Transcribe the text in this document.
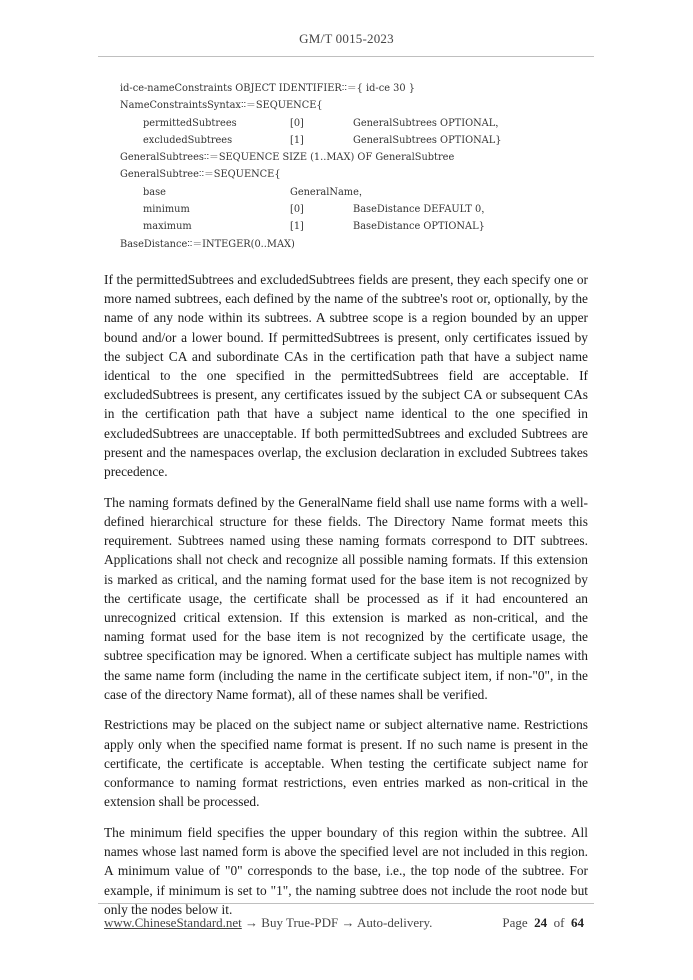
GM/T 0015-2023
id-ce-nameConstraints OBJECT IDENTIFIER∶∶＝{ id-ce 30 }
NameConstraintsSyntax∶∶＝SEQUENCE{
permittedSubtrees	[0]	GeneralSubtrees OPTIONAL，
excludedSubtrees	[1]	GeneralSubtrees OPTIONAL}
GeneralSubtrees∶∶＝SEQUENCE SIZE (1..MAX) OF GeneralSubtree
GeneralSubtree∶∶＝SEQUENCE{
base	GeneralName，
minimum	[0]	BaseDistance DEFAULT 0，
maximum	[1]	BaseDistance OPTIONAL}
BaseDistance∶∶＝INTEGER(0..MAX)

If the permittedSubtrees and excludedSubtrees fields are present, they each specify one or more named subtrees, each defined by the name of the subtree's root or, optionally, by the name of any node within its subtrees. A subtree scope is a region bounded by an upper bound and/or a lower bound. If permittedSubtrees is present, only certificates issued by the subject CA and subordinate CAs in the certification path that have a subject name identical to the one specified in the permittedSubtrees field are acceptable. If excludedSubtrees is present, any certificates issued by the subject CA or subsequent CAs in the certification path that have a subject name identical to the one specified in excludedSubtrees are unacceptable. If both permittedSubtrees and excluded Subtrees are present and the namespaces overlap, the exclusion declaration in excluded Subtrees takes precedence.

The naming formats defined by the GeneralName field shall use name forms with a well-defined hierarchical structure for these fields. The Directory Name format meets this requirement. Subtrees named using these naming formats correspond to DIT subtrees. Applications shall not check and recognize all possible naming formats. If this extension is marked as critical, and the naming format used for the base item is not recognized by the certificate usage, the certificate shall be processed as if it had encountered an unrecognized critical extension. If this extension is marked as non-critical, and the naming format used for the base item is not recognized by the certificate usage, the subtree specification may be ignored. When a certificate subject has multiple names with the same name form (including the name in the certificate subject item, if non-"0", in the case of the directory Name format), all of these names shall be verified.

Restrictions may be placed on the subject name or subject alternative name. Restrictions apply only when the specified name format is present. If no such name is present in the certificate, the certificate is acceptable. When testing the certificate subject name for conformance to naming format restrictions, even entries marked as non-critical in the extension shall be processed.

The minimum field specifies the upper boundary of this region within the subtree. All names whose last named form is above the specified level are not included in this region. A minimum value of "0" corresponds to the base, i.e., the top node of the subtree. For example, if minimum is set to "1", the naming subtree does not include the root node but only the nodes below it.

www.ChineseStandard.net → Buy True-PDF → Auto-delivery.	Page 24 of 64
